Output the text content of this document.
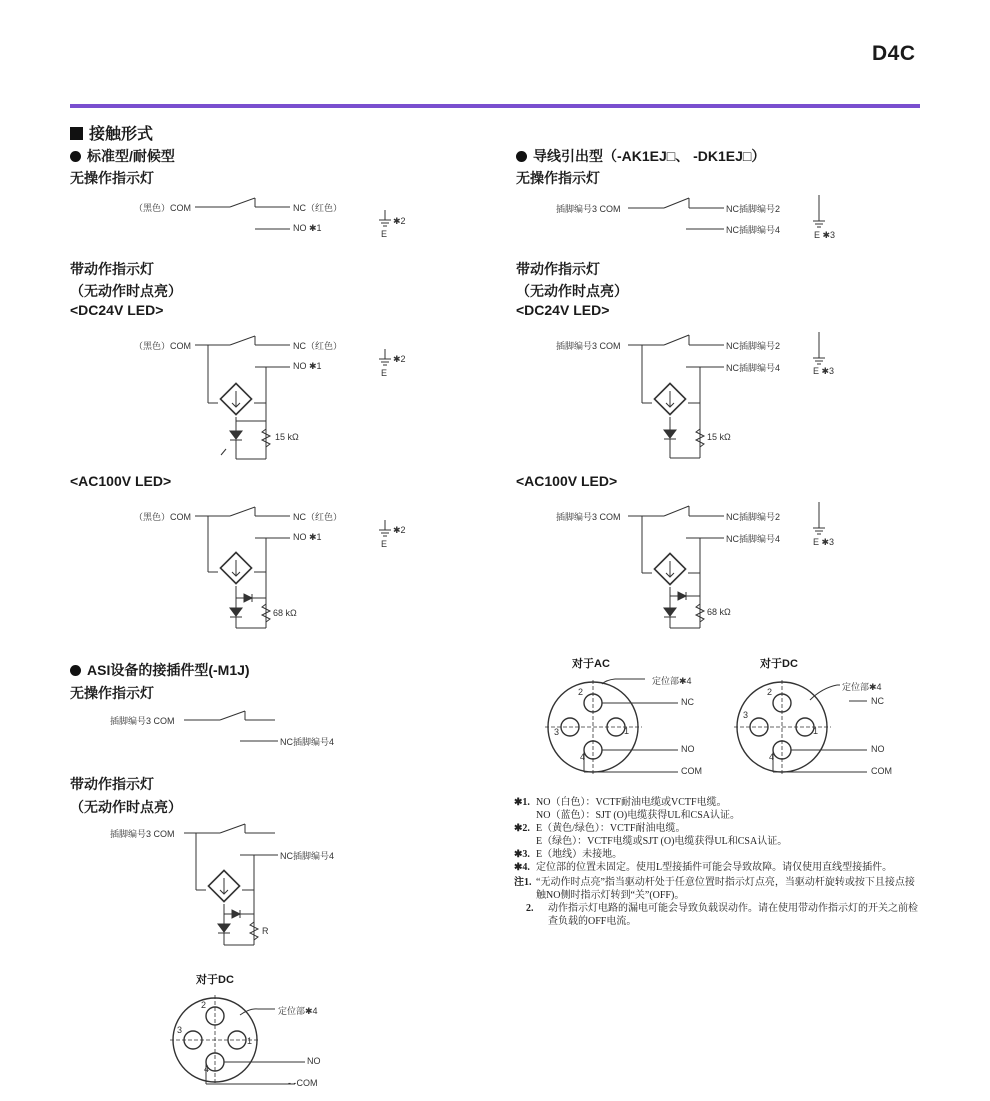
D4C
接触形式
标准型/耐候型
无操作指示灯
带动作指示灯
（无动作时点亮）
<DC24V LED>
<AC100V LED>
ASI设备的接插件型(-M1J)
无操作指示灯
带动作指示灯
（无动作时点亮）
导线引出型（-AK1EJ□、 -DK1EJ□）
无操作指示灯
带动作指示灯
（无动作时点亮）
<DC24V LED>
<AC100V LED>
（黑色）COM	NC（红色）
NO ✱1
✱2
E
（黑色）COM	NC（红色）
NO ✱1
15 kΩ
✱2
E
（黑色）COM	NC（红色）
NO ✱1
68 kΩ
✱2
E
插脚编号3 COM
NC插脚编号4
插脚编号3 COM
NC插脚编号4
R
对于DC
定位部✱4
NO
- -COM
2
3
1
4
插脚编号3 COM	NC插脚编号2
NC插脚编号4	E ✱3
插脚编号3 COM	NC插脚编号2
NC插脚编号4
15 kΩ
E ✱3
插脚编号3 COM	NC插脚编号2
NC插脚编号4
68 kΩ
E ✱3
对于AC
定位部✱4
NC
NO
COM
2
3	1
4
对于DC
定位部✱4
NC
NO
COM
2
3
1
4
✱1. NO（白色）：VCTF耐油电缆或VCTF电缆。
NO（蓝色）：SJT (O)电缆获得UL和CSA认证。
✱2. E（黄色/绿色）：VCTF耐油电缆。
E（绿色）：VCTF电缆或SJT (O)电缆获得UL和CSA认证。
✱3. E（地线）未接地。
✱4. 定位部的位置未固定。使用L型接插件可能会导致故障。请仅使用直线型接插件。
注1. “无动作时点亮”指当驱动杆处于任意位置时指示灯点亮，当驱动杆旋转或按下且接点接触NO侧时指示灯转到“关”(OFF)。
2.	动作指示灯电路的漏电可能会导致负载误动作。请在使用带动作指示灯的开关之前检查负载的OFF电流。
